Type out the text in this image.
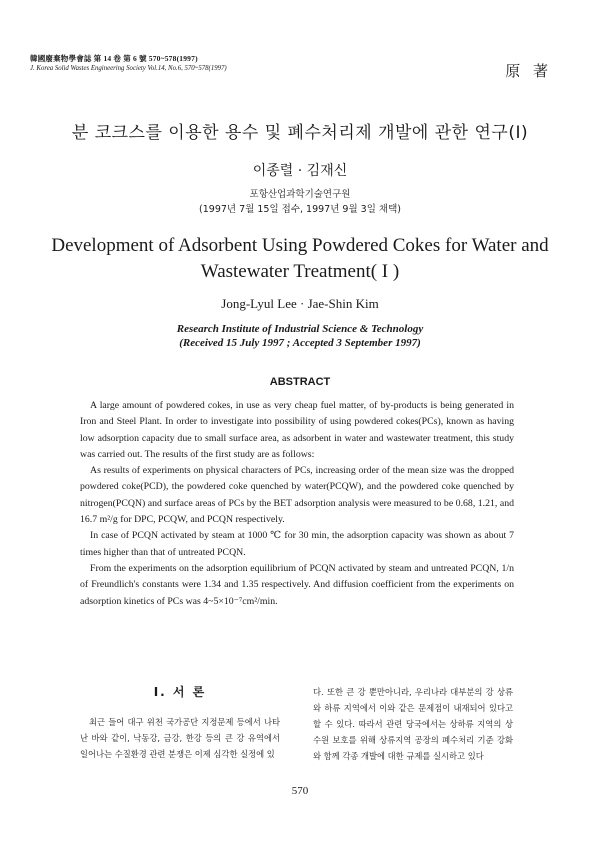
韓國廢棄物學會誌 第 14 卷 第 6 號 570~578(1997)
J. Korea Solid Wastes Engineering Society Vol.14, No.6, 570~578(1997)	原 著
분 코크스를 이용한 용수 및 폐수처리제 개발에 관한 연구(Ⅰ)
이종렬 · 김재신
포항산업과학기술연구원
(1997년 7월 15일 접수, 1997년 9월 3일 채택)
Development of Adsorbent Using Powdered Cokes for Water and Wastewater Treatment( I )
Jong-Lyul Lee · Jae-Shin Kim
Research Institute of Industrial Science & Technology
(Received 15 July 1997 ; Accepted 3 September 1997)
ABSTRACT

A large amount of powdered cokes, in use as very cheap fuel matter, of by-products is being generated in Iron and Steel Plant. In order to investigate into possibility of using powdered cokes(PCs), known as having low adsorption capacity due to small surface area, as adsorbent in water and wastewater treatment, this study was carried out. The results of the first study are as follows:

As results of experiments on physical characters of PCs, increasing order of the mean size was the dropped powdered coke(PCD), the powdered coke quenched by water(PCQW), and the powdered coke quenched by nitrogen(PCQN) and surface areas of PCs by the BET adsorption analysis were measured to be 0.68, 1.21, and 16.7 m²/g for DPC, PCQW, and PCQN respectively.

In case of PCQN activated by steam at 1000 ℃ for 30 min, the adsorption capacity was shown as about 7 times higher than that of untreated PCQN.

From the experiments on the adsorption equilibrium of PCQN activated by steam and untreated PCQN, 1/n of Freundlich's constants were 1.34 and 1.35 respectively. And diffusion coefficient from the experiments on adsorption kinetics of PCs was 4~5×10⁻⁷cm²/min.

Ⅰ. 서 론

최근 들어 대구 위천 국가공단 지정문제 등에서 나타난 바와 같이, 낙동강, 금강, 한강 등의 큰 강 유역에서 일어나는 수질환경 관련 분쟁은 이제 심각한 실정에 있

다. 또한 큰 강 뿐만아니라, 우리나라 대부분의 강 상류와 하류 지역에서 이와 같은 문제점이 내재되어 있다고 할 수 있다. 따라서 관련 당국에서는 상하류 지역의 상수원 보호를 위해 상류지역 공장의 폐수처리 기준 강화와 함께 각종 개발에 대한 규제를 실시하고 있다

570
